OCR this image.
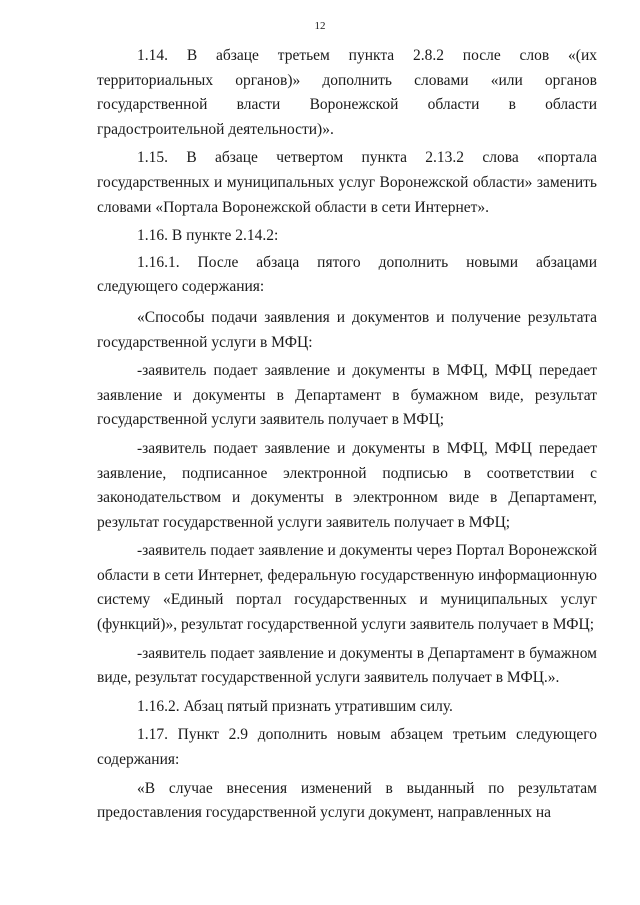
12

1.14. В абзаце третьем пункта 2.8.2 после слов «(их территориальных органов)» дополнить словами «или органов государственной власти Воронежской области в области градостроительной деятельности)».

1.15. В абзаце четвертом пункта 2.13.2 слова «портала государственных и муниципальных услуг Воронежской области» заменить словами «Портала Воронежской области в сети Интернет».

1.16. В пункте 2.14.2:

1.16.1. После абзаца пятого дополнить новыми абзацами следующего содержания:

«Способы подачи заявления и документов и получение результата государственной услуги в МФЦ:

-заявитель подает заявление и документы в МФЦ, МФЦ передает заявление и документы в Департамент в бумажном виде, результат государственной услуги заявитель получает в МФЦ;

-заявитель подает заявление и документы в МФЦ, МФЦ передает заявление, подписанное электронной подписью в соответствии с законодательством и документы в электронном виде в Департамент, результат государственной услуги заявитель получает в МФЦ;

-заявитель подает заявление и документы через Портал Воронежской области в сети Интернет, федеральную государственную информационную систему «Единый портал государственных и муниципальных услуг (функций)», результат государственной услуги заявитель получает в МФЦ;

-заявитель подает заявление и документы в Департамент в бумажном виде, результат государственной услуги заявитель получает в МФЦ.».

1.16.2. Абзац пятый признать утратившим силу.

1.17. Пункт 2.9 дополнить новым абзацем третьим следующего содержания:

«В случае внесения изменений в выданный по результатам предоставления государственной услуги документ, направленных на
